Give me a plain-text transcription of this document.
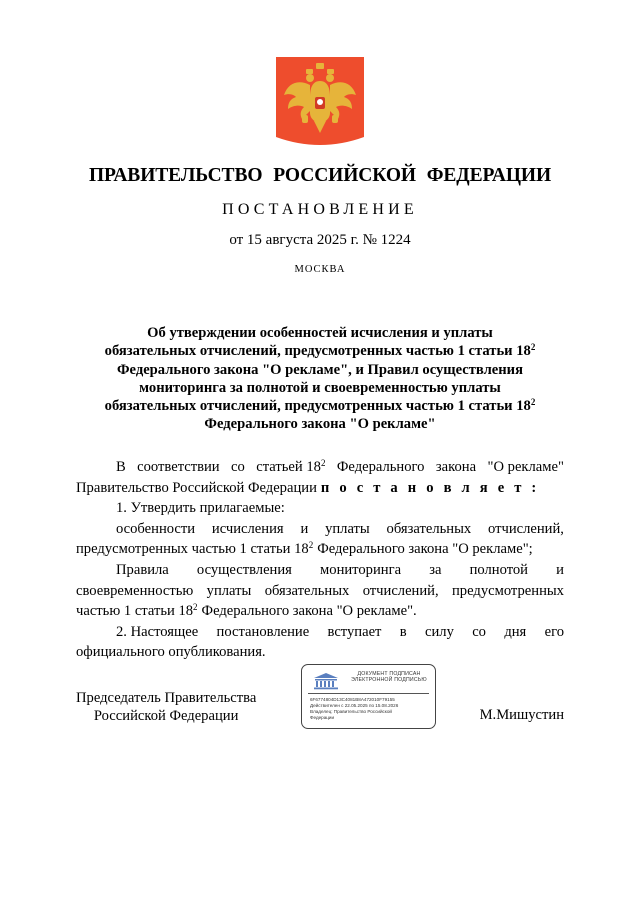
ПРАВИТЕЛЬСТВО РОССИЙСКОЙ ФЕДЕРАЦИИ
ПОСТАНОВЛЕНИЕ
от 15 августа 2025 г. № 1224
МОСКВА
Об утверждении особенностей исчисления и уплаты
обязательных отчислений, предусмотренных частью 1 статьи $18^2$
Федерального закона "О рекламе", и Правил осуществления
мониторинга за полнотой и своевременностью уплаты
обязательных отчислений, предусмотренных частью 1 статьи $18^2$
Федерального закона "О рекламе"
В соответствии со статьей $18^2$ Федерального закона "О рекламе"
Правительство Российской Федерации п о с т а н о в л я е т :
1. Утвердить прилагаемые:
особенности исчисления и уплаты обязательных отчислений,
предусмотренных частью 1 статьи $18^2$ Федерального закона "О рекламе";
Правила осуществления мониторинга за полнотой и
своевременностью уплаты обязательных отчислений, предусмотренных
частью 1 статьи $18^2$ Федерального закона "О рекламе".
2. Настоящее постановление вступает в силу со дня его
официального опубликования.
Председатель Правительства
Российской Федерации
ДОКУМЕНТ ПОДПИСАН
ЭЛЕКТРОННОЙ ПОДПИСЬЮ
6F6774804D13C4081B8A472010F79155
Действителен с 22.05.2025 по 15.08.2026
Владелец: Правительство Российской
Федерации	М.Мишустин
